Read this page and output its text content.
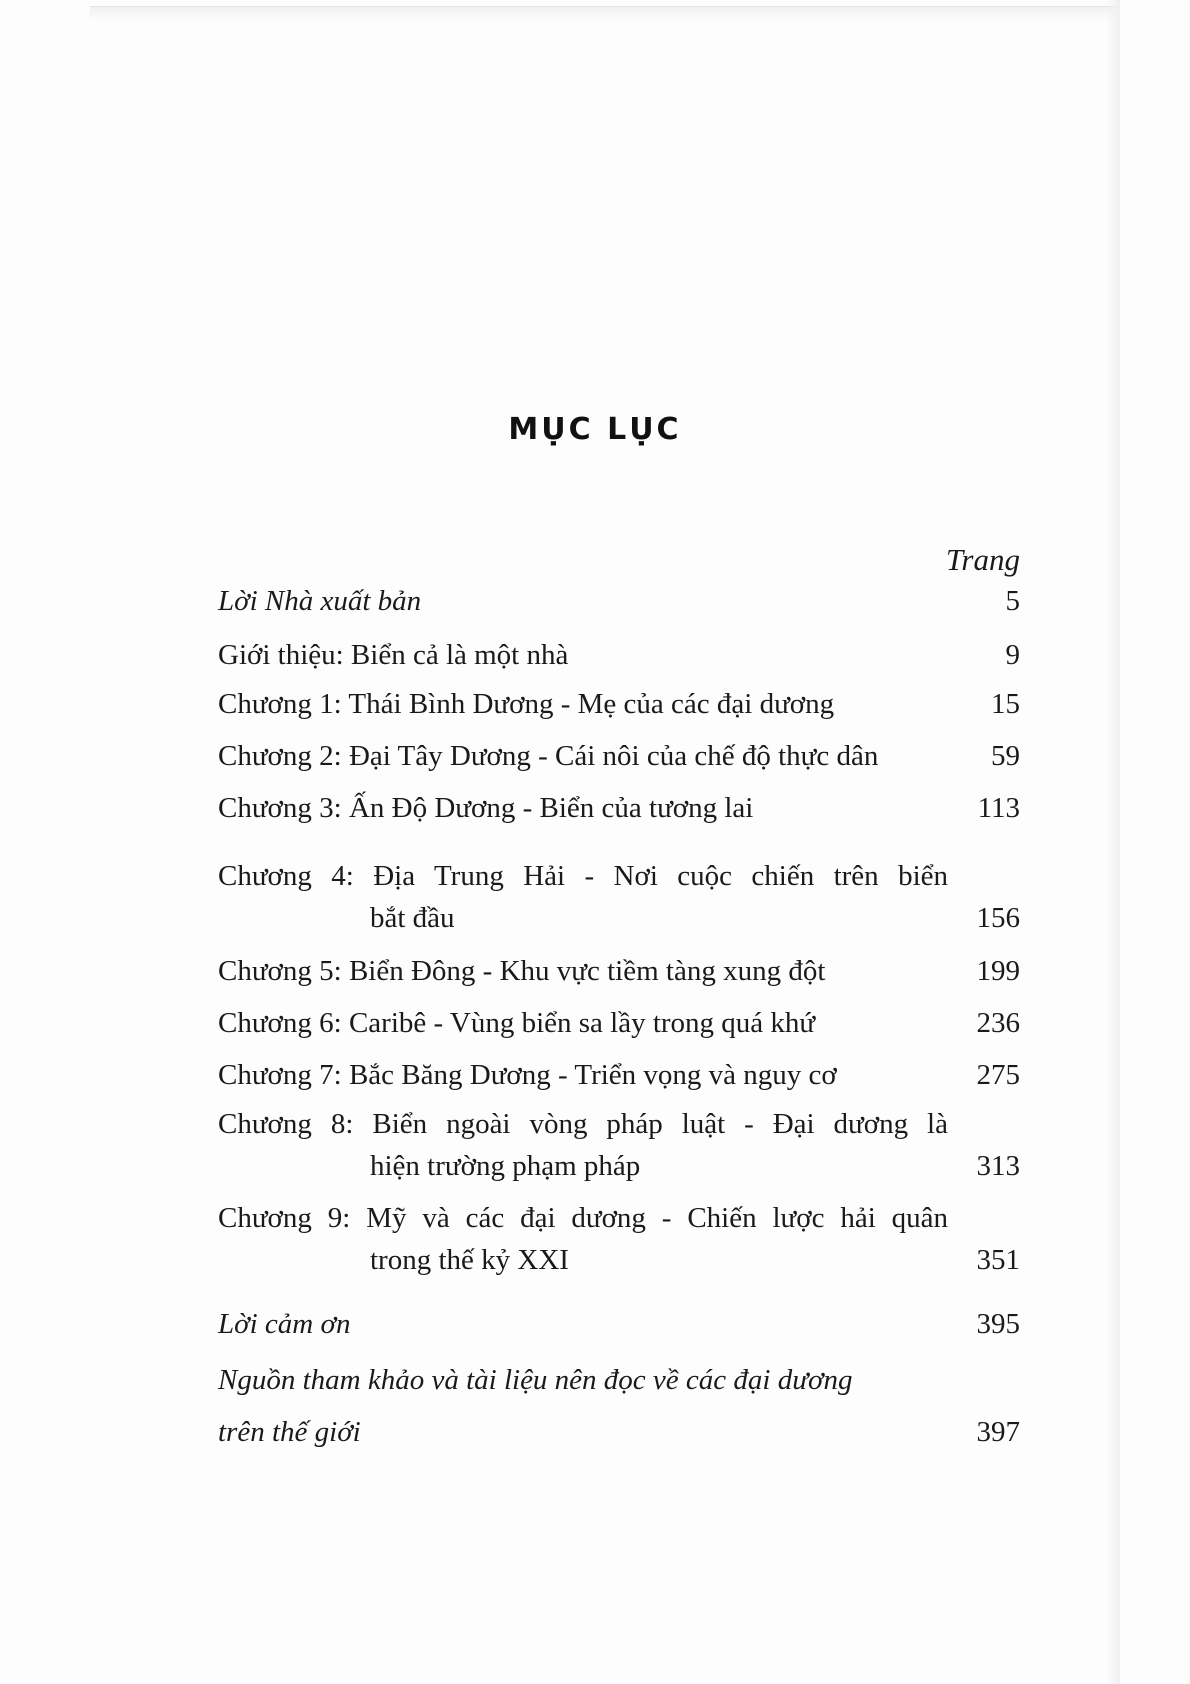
MỤC LỤC
Trang
Lời Nhà xuất bản	5
Giới thiệu: Biển cả là một nhà	9
Chương 1: Thái Bình Dương - Mẹ của các đại dương	15
Chương 2: Đại Tây Dương - Cái nôi của chế độ thực dân	59
Chương 3: Ấn Độ Dương - Biển của tương lai	113
Chương 4: Địa Trung Hải - Nơi cuộc chiến trên biển
bắt đầu	156
Chương 5: Biển Đông - Khu vực tiềm tàng xung đột	199
Chương 6: Caribê - Vùng biển sa lầy trong quá khứ	236
Chương 7: Bắc Băng Dương - Triển vọng và nguy cơ	275
Chương 8: Biển ngoài vòng pháp luật - Đại dương là
hiện trường phạm pháp	313
Chương 9: Mỹ và các đại dương - Chiến lược hải quân
trong thế kỷ XXI	351
Lời cảm ơn	395
Nguồn tham khảo và tài liệu nên đọc về các đại dương
trên thế giới	397
